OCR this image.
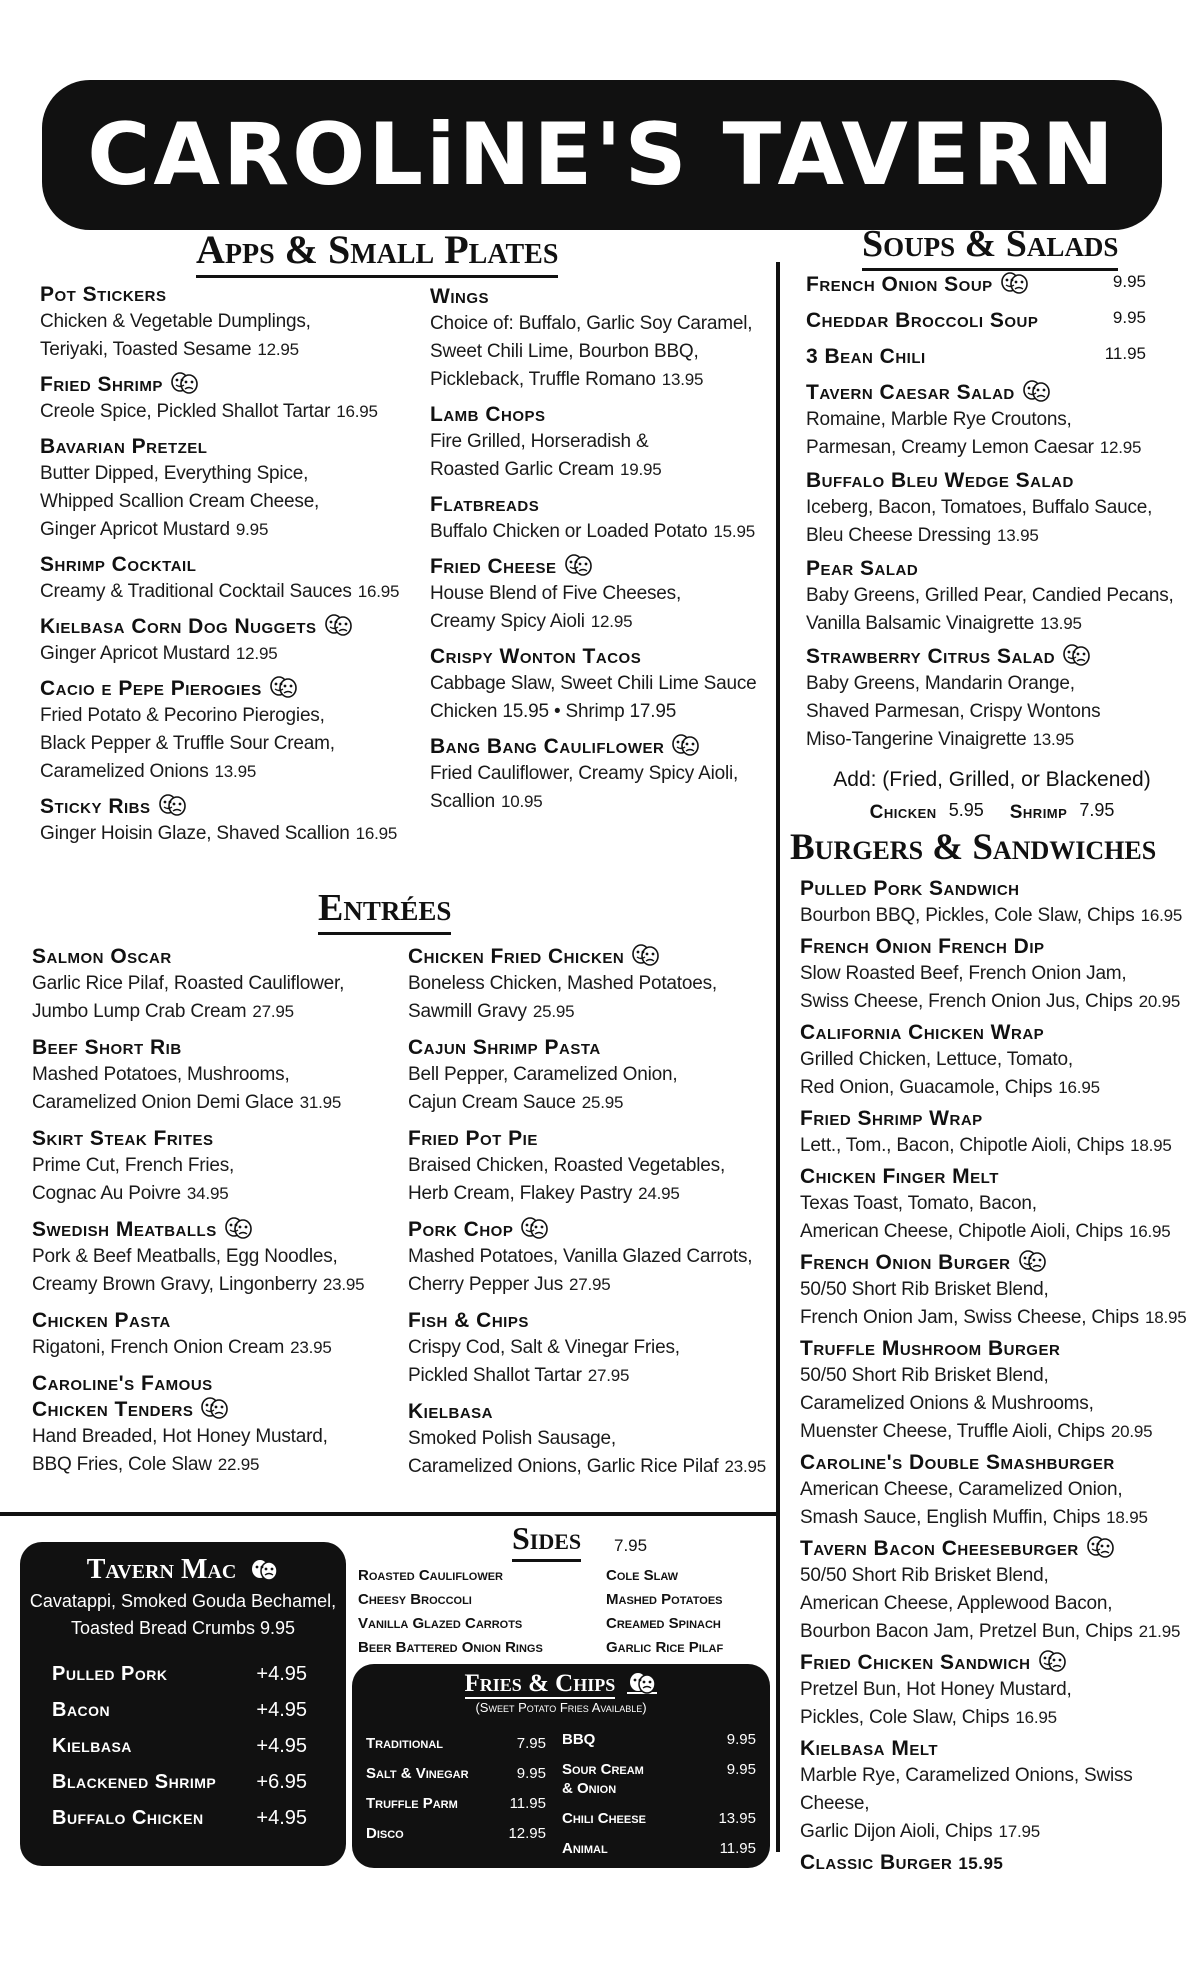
CAROLiNE'S TAVERN
Apps & Small Plates	Soups & Salads
Entrées
Burgers & Sandwiches
Sides 7.95
Pot Stickers
Chicken & Vegetable Dumplings,
Teriyaki, Toasted Sesame 12.95
Fried Shrimp
Creole Spice, Pickled Shallot Tartar 16.95
Bavarian Pretzel
Butter Dipped, Everything Spice,
Whipped Scallion Cream Cheese,
Ginger Apricot Mustard 9.95
Shrimp Cocktail
Creamy & Traditional Cocktail Sauces 16.95
Kielbasa Corn Dog Nuggets
Ginger Apricot Mustard 12.95
Cacio e Pepe Pierogies
Fried Potato & Pecorino Pierogies,
Black Pepper & Truffle Sour Cream,
Caramelized Onions 13.95
Sticky Ribs
Ginger Hoisin Glaze, Shaved Scallion 16.95
Wings
Choice of: Buffalo, Garlic Soy Caramel,
Sweet Chili Lime, Bourbon BBQ,
Pickleback, Truffle Romano 13.95
Lamb Chops
Fire Grilled, Horseradish &
Roasted Garlic Cream 19.95
Flatbreads
Buffalo Chicken or Loaded Potato 15.95
Fried Cheese
House Blend of Five Cheeses,
Creamy Spicy Aioli 12.95
Crispy Wonton Tacos
Cabbage Slaw, Sweet Chili Lime Sauce
Chicken 15.95 • Shrimp 17.95
Bang Bang Cauliflower
Fried Cauliflower, Creamy Spicy Aioli,
Scallion 10.95
French Onion Soup	9.95
Cheddar Broccoli Soup	9.95
3 Bean Chili	11.95
Tavern Caesar Salad
Romaine, Marble Rye Croutons,
Parmesan, Creamy Lemon Caesar 12.95
Buffalo Bleu Wedge Salad
Iceberg, Bacon, Tomatoes, Buffalo Sauce,
Bleu Cheese Dressing 13.95
Pear Salad
Baby Greens, Grilled Pear, Candied Pecans,
Vanilla Balsamic Vinaigrette 13.95
Strawberry Citrus Salad
Baby Greens, Mandarin Orange,
Shaved Parmesan, Crispy Wontons
Miso-Tangerine Vinaigrette 13.95
Add: (Fried, Grilled, or Blackened)
Chicken 5.95 Shrimp 7.95
Pulled Pork Sandwich
Bourbon BBQ, Pickles, Cole Slaw, Chips 16.95
French Onion French Dip
Slow Roasted Beef, French Onion Jam,
Swiss Cheese, French Onion Jus, Chips 20.95
California Chicken Wrap
Grilled Chicken, Lettuce, Tomato,
Red Onion, Guacamole, Chips 16.95
Fried Shrimp Wrap
Lett., Tom., Bacon, Chipotle Aioli, Chips 18.95
Chicken Finger Melt
Texas Toast, Tomato, Bacon,
American Cheese, Chipotle Aioli, Chips 16.95
French Onion Burger
50/50 Short Rib Brisket Blend,
French Onion Jam, Swiss Cheese, Chips 18.95
Truffle Mushroom Burger
50/50 Short Rib Brisket Blend,
Caramelized Onions & Mushrooms,
Muenster Cheese, Truffle Aioli, Chips 20.95
Caroline's Double Smashburger
American Cheese, Caramelized Onion,
Smash Sauce, English Muffin, Chips 18.95
Tavern Bacon Cheeseburger
50/50 Short Rib Brisket Blend,
American Cheese, Applewood Bacon,
Bourbon Bacon Jam, Pretzel Bun, Chips 21.95
Fried Chicken Sandwich
Pretzel Bun, Hot Honey Mustard,
Pickles, Cole Slaw, Chips 16.95
Kielbasa Melt
Marble Rye, Caramelized Onions, Swiss Cheese,
Garlic Dijon Aioli, Chips 17.95
Classic Burger 15.95
Salmon Oscar
Garlic Rice Pilaf, Roasted Cauliflower,
Jumbo Lump Crab Cream 27.95
Beef Short Rib
Mashed Potatoes, Mushrooms,
Caramelized Onion Demi Glace 31.95
Skirt Steak Frites
Prime Cut, French Fries,
Cognac Au Poivre 34.95
Swedish Meatballs
Pork & Beef Meatballs, Egg Noodles,
Creamy Brown Gravy, Lingonberry 23.95
Chicken Pasta
Rigatoni, French Onion Cream 23.95
Caroline's Famous
Chicken Tenders
Hand Breaded, Hot Honey Mustard,
BBQ Fries, Cole Slaw 22.95
Chicken Fried Chicken
Boneless Chicken, Mashed Potatoes,
Sawmill Gravy 25.95
Cajun Shrimp Pasta
Bell Pepper, Caramelized Onion,
Cajun Cream Sauce 25.95
Fried Pot Pie
Braised Chicken, Roasted Vegetables,
Herb Cream, Flakey Pastry 24.95
Pork Chop
Mashed Potatoes, Vanilla Glazed Carrots,
Cherry Pepper Jus 27.95
Fish & Chips
Crispy Cod, Salt & Vinegar Fries,
Pickled Shallot Tartar 27.95
Kielbasa
Smoked Polish Sausage,
Caramelized Onions, Garlic Rice Pilaf 23.95
Tavern Mac
Cavatappi, Smoked Gouda Bechamel,
Toasted Bread Crumbs 9.95
Pulled Pork	+4.95
Bacon	+4.95
Kielbasa	+4.95
Blackened Shrimp +6.95
Buffalo Chicken	+4.95
Roasted Cauliflower	Cole Slaw
Cheesy Broccoli	Mashed Potatoes
Vanilla Glazed Carrots	Creamed Spinach
Beer Battered Onion Rings	Garlic Rice Pilaf
Fries & Chips
(Sweet Potato Fries Available)
Traditional	7.95
Salt & Vinegar	9.95
Truffle Parm	11.95
Disco	12.95
BBQ	9.95
Sour Cream
& Onion
9.95
Chili Cheese	13.95
Animal	11.95
